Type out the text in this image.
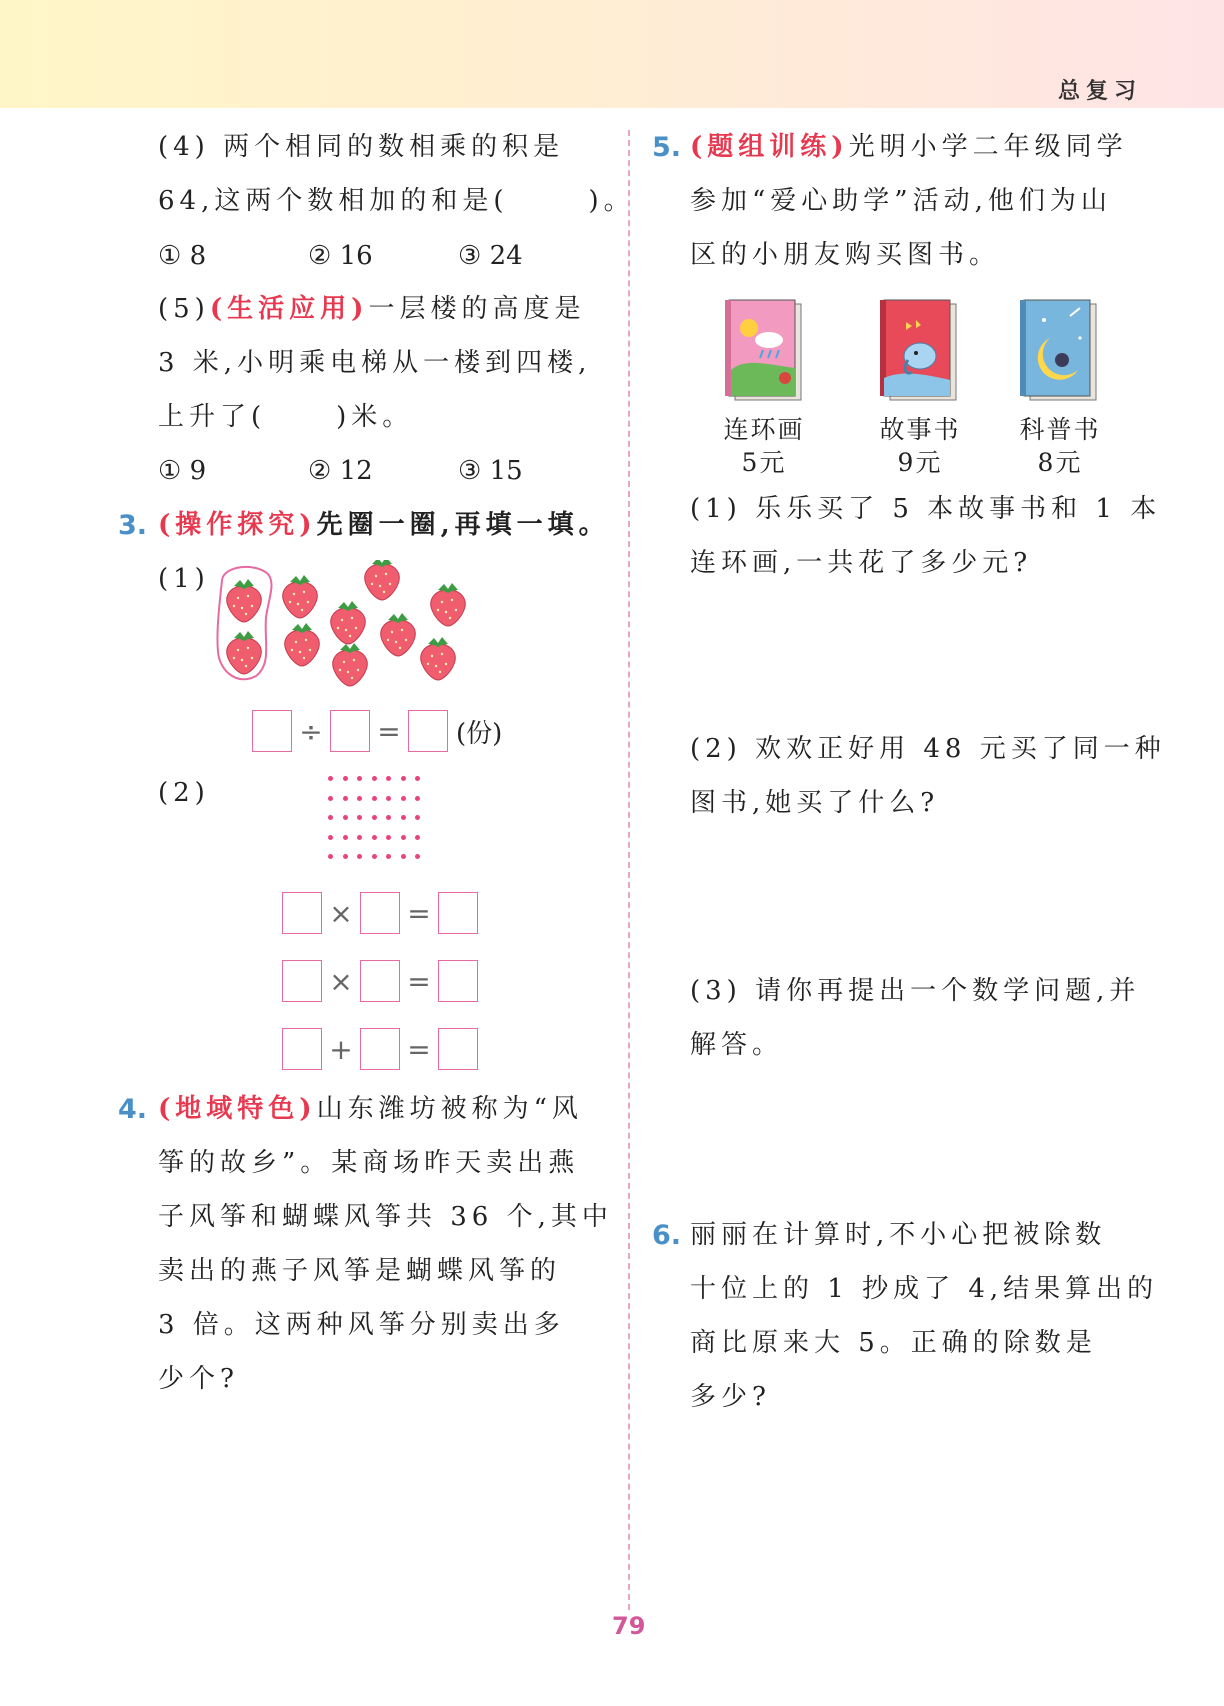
总复习
(4) 两个相同的数相乘的积是
64,这两个数相加的和是(	)。
① 8	② 16	③ 24
(5)(生活应用)一层楼的高度是
3 米,小明乘电梯从一楼到四楼,
上升了(	)米。
① 9	② 12	③ 15
3. (操作探究)先圈一圈,再填一填。
(1)
÷ = (份)
(2)
× =
× =
+ =
4. (地域特色)山东潍坊被称为“风
筝的故乡”。某商场昨天卖出燕
子风筝和蝴蝶风筝共 36 个,其中
卖出的燕子风筝是蝴蝶风筝的
3 倍。这两种风筝分别卖出多
少个?
5. (题组训练)光明小学二年级同学
参加“爱心助学”活动,他们为山
区的小朋友购买图书。
连环画
5元
故事书
9元
科普书
8元
(1) 乐乐买了 5 本故事书和 1 本
连环画,一共花了多少元?
(2) 欢欢正好用 48 元买了同一种
图书,她买了什么?
(3) 请你再提出一个数学问题,并
解答。
6. 丽丽在计算时,不小心把被除数
十位上的 1 抄成了 4,结果算出的
商比原来大 5。正确的除数是
多少?
79
